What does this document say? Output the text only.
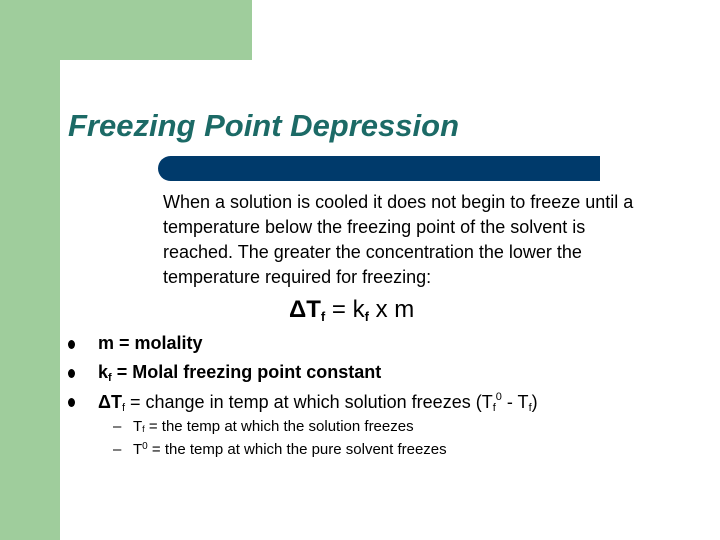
Freezing Point Depression

When a solution is cooled it does not begin to freeze until a temperature below the freezing point of the solvent is reached. The greater the concentration the lower the temperature required for freezing:

ΔTf = kf x m
m = molality
kf = Molal freezing point constant
$\Delta T_f$ = change in temp at which solution freezes $(T_f^0 - T_f)$
– Tf = the temp at which the solution freezes
– $T^0$ = the temp at which the pure solvent freezes
